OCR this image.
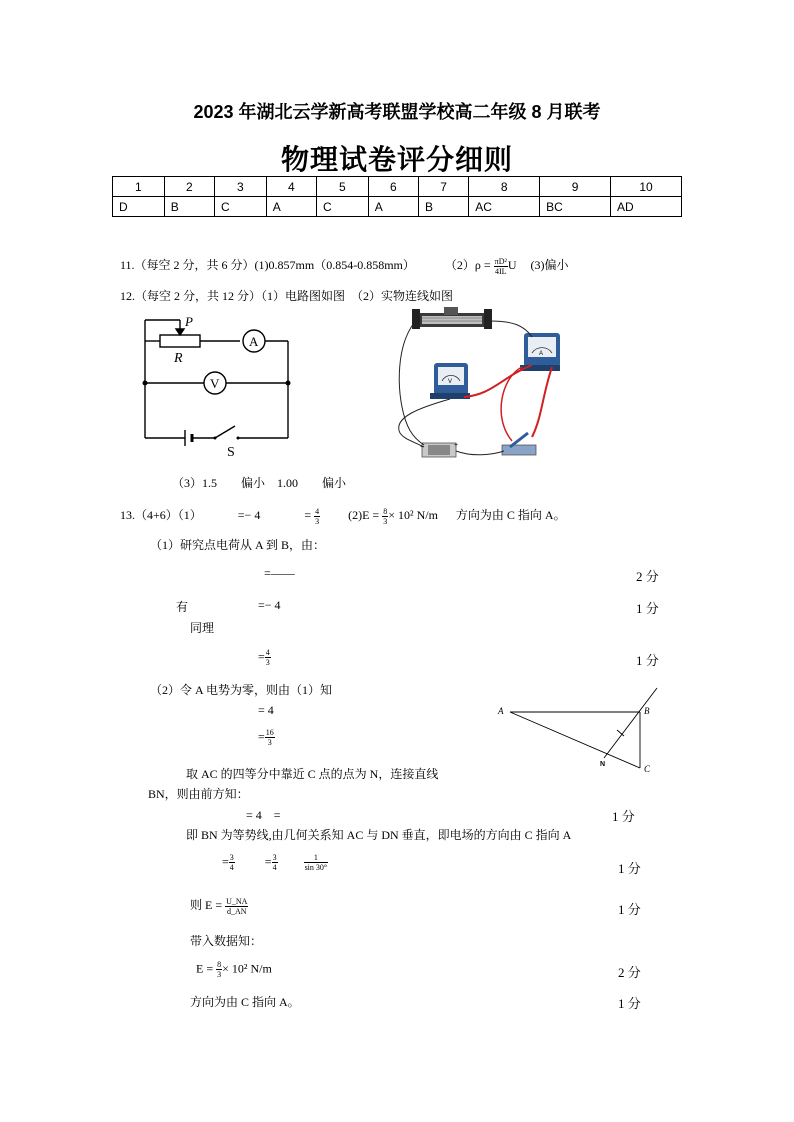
2023 年湖北云学新高考联盟学校高二年级 8 月联考
物理试卷评分细则
1	2	3	4	5	6	7	8	9	10
D	B	C	A	C	A	B	AC	BC	AD
11.（每空 2 分，共 6 分）(1)0.857mm（0.854-0.858mm）	$(2)\rho = \frac{\text{πD²}}{4IL}$ U (3)偏小
12.（每空 2 分，共 12 分）（1）电路图如图　（2）实物连线如图
P
R
A
V
S
A
V
−	+
（3）1.5　　偏小　1.00　　偏小
13.（4+6）（1）	=− 4	= $\frac{4}{3} (2)E = \frac{8}{3} \times 10^2$ N/m 方向为由 C 指向 A。
（1）研究点电荷从 A 到 B，由：
=——	2 分
有	=− 4	1 分
同理
= $\frac{4}{3}$	1 分
（2）令 A 电势为零，则由（1）知
= 4
= $\frac{16}{3}$
A	B
C
N
取 AC 的四等分中靠近 C 点的点为 N，连接直线
BN，则由前方知：
= 4　=	1 分
即 BN 为等势线,由几何关系知 AC 与 DN 垂直，即电场的方向由 C 指向 A
= $\frac{3}{4}$	= $\frac{3}{4}$
	$\frac{1}{\sin 30^\circ}$	1 分
则 $E = \frac{U\_NA}{d\_AN}$	1 分
带入数据知：
$E = \frac{8}{3} \times 10^2$ N/m	2 分
方向为由 C 指向 A。	1 分
